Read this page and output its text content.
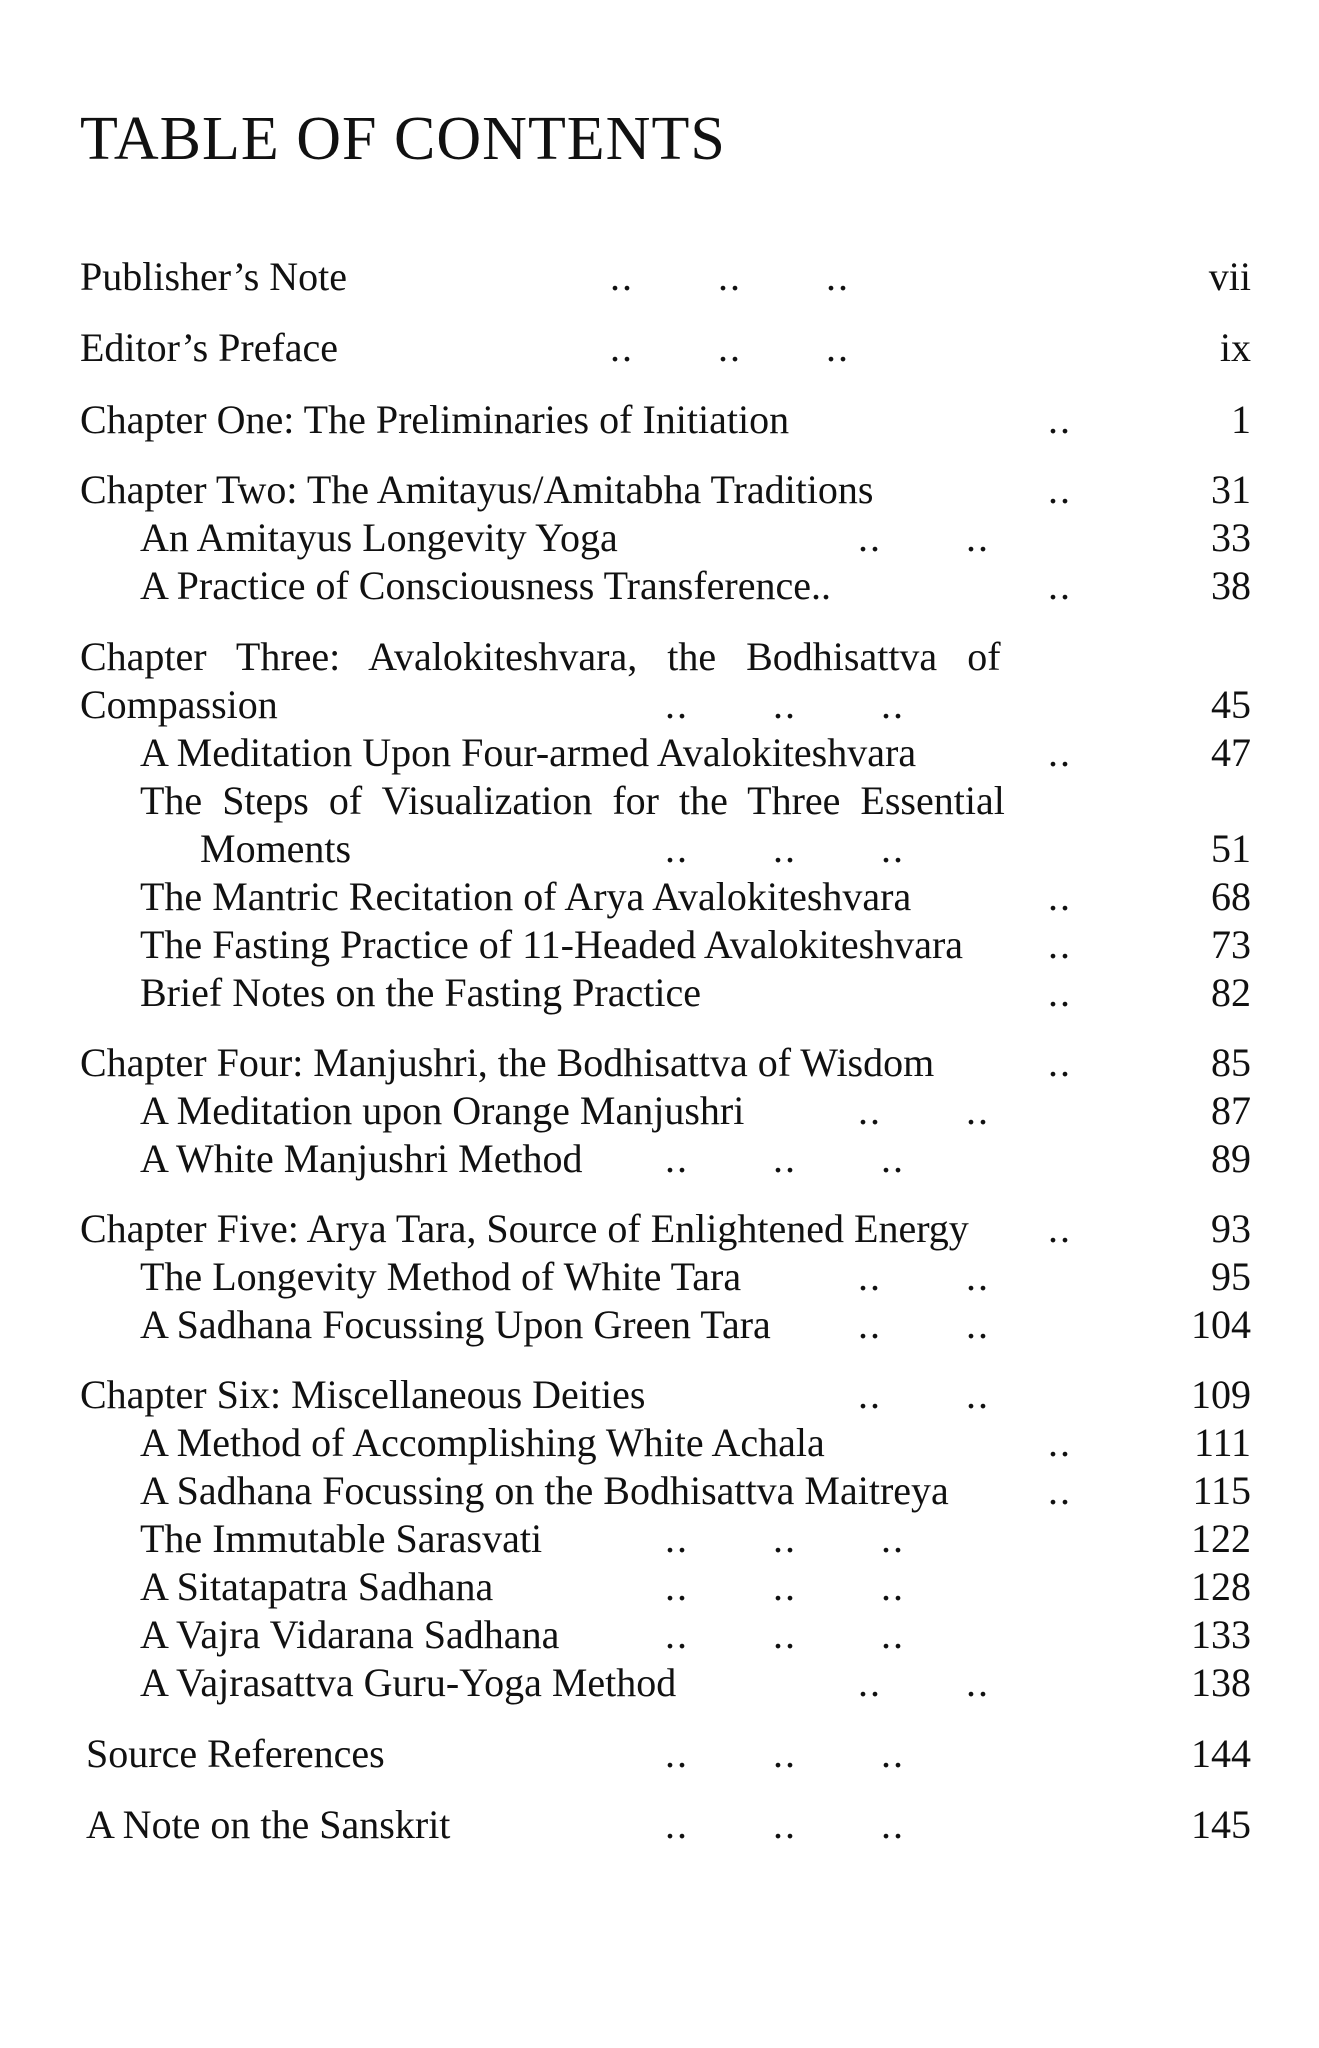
TABLE OF CONTENTS
Publisher’s Note	..       ..       ..	vii
Editor’s Preface	..       ..       ..	ix
Chapter One: The Preliminaries of Initiation	..	1
Chapter Two: The Amitayus/Amitabha Traditions	..	31
An Amitayus Longevity Yoga	..       ..	33
A Practice of Consciousness Transference..	..	38
Chapter   Three:   Avalokiteshvara,   the   Bodhisattva   of
Compassion	..       ..       ..	45
A Meditation Upon Four-armed Avalokiteshvara	..	47
The  Steps  of  Visualization  for  the  Three  Essential
Moments	..       ..       ..	51
The Mantric Recitation of Arya Avalokiteshvara	..	68
The Fasting Practice of 11-Headed Avalokiteshvara ..	73
Brief Notes on the Fasting Practice	..	82
Chapter Four: Manjushri, the Bodhisattva of Wisdom	..	85
A Meditation upon Orange Manjushri	..       ..	87
A White Manjushri Method ..       ..       ..	89
Chapter Five: Arya Tara, Source of Enlightened Energy ..	93
The Longevity Method of White Tara	..       ..	95
A Sadhana Focussing Upon Green Tara ..       ..	104
Chapter Six: Miscellaneous Deities	..       ..	109
A Method of Accomplishing White Achala	..	111
A Sadhana Focussing on the Bodhisattva Maitreya ..	115
The Immutable Sarasvati	..       ..       ..	122
A Sitatapatra Sadhana	..       ..       ..	128
A Vajra Vidarana Sadhana	..       ..       ..	133
A Vajrasattva Guru-Yoga Method	..       ..	138
Source References	..       ..       ..	144
A Note on the Sanskrit	..       ..       ..	145
